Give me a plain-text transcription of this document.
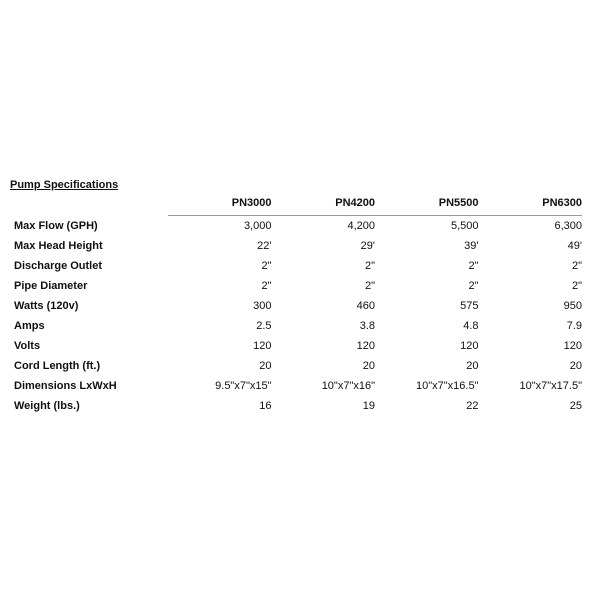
Pump Specifications
	PN3000	PN4200	PN5500	PN6300
Max Flow (GPH)	3,000	4,200	5,500	6,300
Max Head Height	22'	29'	39'	49'
Discharge Outlet	2"	2"	2"	2"
Pipe Diameter	2"	2"	2"	2"
Watts (120v)	300	460	575	950
Amps	2.5	3.8	4.8	7.9
Volts	120	120	120	120
Cord Length (ft.)	20	20	20	20
Dimensions LxWxH	9.5"x7"x15"	10"x7"x16"	10"x7"x16.5"	10"x7"x17.5"
Weight (lbs.)	16	19	22	25
